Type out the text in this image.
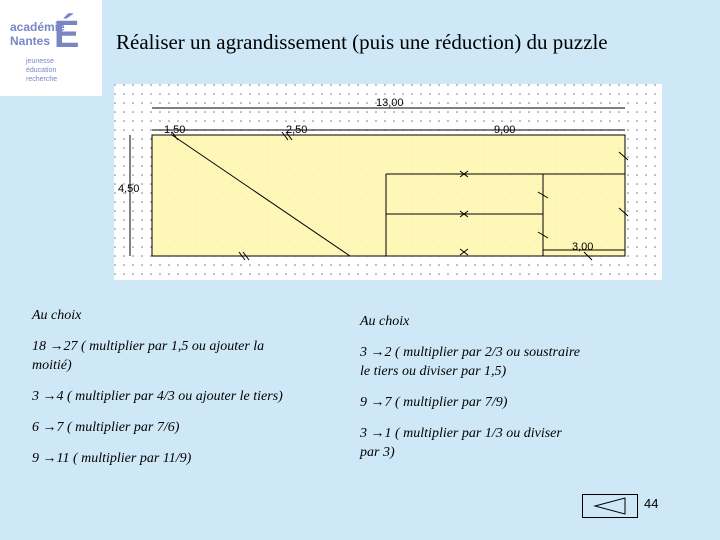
académie
Nantes É
jeunesse
éducation
recherche
Réaliser un agrandissement (puis une réduction) du puzzle
13,00
1,50	2,50	9,00
4,50
3,00

Au choix

18 →27 ( multiplier par 1,5 ou ajouter la moitié)

3 →4 ( multiplier par 4/3 ou ajouter le tiers)

6 →7 ( multiplier par 7/6)

9 →11 ( multiplier par 11/9)

Au choix

3 →2 ( multiplier par 2/3 ou soustraire le tiers ou diviser par 1,5)

9 →7 ( multiplier par 7/9)

3 →1 ( multiplier par 1/3 ou diviser par 3)

44
